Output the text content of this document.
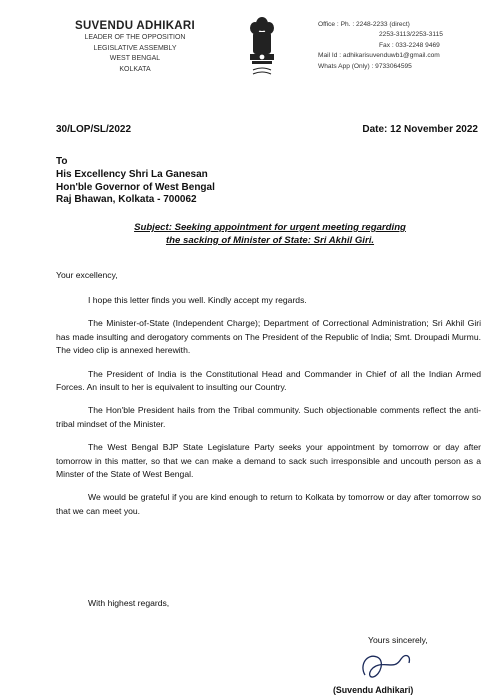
SUVENDU ADHIKARI
LEADER OF THE OPPOSITION
LEGISLATIVE ASSEMBLY
WEST BENGAL
KOLKATA
Office : Ph. : 2248-2233 (direct)
2253-3113/2253-3115
Fax : 033-2248 9469
Mail Id : adhikarisuvenduwb1@gmail.com
Whats App (Only) : 9733064595
30/LOP/SL/2022	Date: 12 November 2022
To
His Excellency Shri La Ganesan
Hon'ble Governor of West Bengal
Raj Bhawan, Kolkata - 700062
Subject: Seeking appointment for urgent meeting regarding
the sacking of Minister of State: Sri Akhil Giri.
Your excellency,

I hope this letter finds you well. Kindly accept my regards.

The Minister-of-State (Independent Charge); Department of Correctional Administration; Sri Akhil Giri has made insulting and derogatory comments on The President of the Republic of India; Smt. Droupadi Murmu. The video clip is annexed herewith.

The President of India is the Constitutional Head and Commander in Chief of all the Indian Armed Forces. An insult to her is equivalent to insulting our Country.

The Hon'ble President hails from the Tribal community. Such objectionable comments reflect the anti-tribal mindset of the Minister.

The West Bengal BJP State Legislature Party seeks your appointment by tomorrow or day after tomorrow in this matter, so that we can make a demand to sack such irresponsible and uncouth person as a Minster of the State of West Bengal.

We would be grateful if you are kind enough to return to Kolkata by tomorrow or day after tomorrow so that we can meet you.

With highest regards,
Yours sincerely,
(Suvendu Adhikari)
